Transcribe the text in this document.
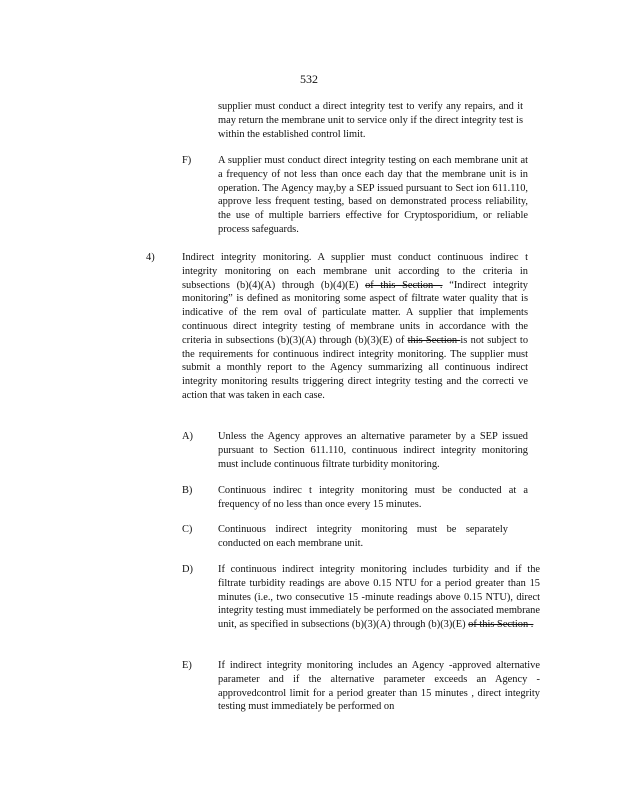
532

supplier must conduct a direct integrity test to verify any repairs, and it may return the membrane unit to service only if the direct integrity test is within the established control limit.

F)	A supplier must conduct direct integrity testing on each membrane unit at a frequency of not less than once each day that the membrane unit is in operation. The Agency may,by a SEP issued pursuant to Sect ion 611.110, approve less frequent testing, based on demonstrated process reliability, the use of multiple barriers effective for Cryptosporidium, or reliable process safeguards.

4)	Indirect integrity monitoring. A supplier must conduct continuous indirec t integrity monitoring on each membrane unit according to the criteria in subsections (b)(4)(A) through (b)(4)(E) of this Section . “Indirect integrity monitoring” is defined as monitoring some aspect of filtrate water quality that is indicative of the rem oval of particulate matter. A supplier that implements continuous direct integrity testing of membrane units in accordance with the criteria in subsections (b)(3)(A) through (b)(3)(E) of this Section is not subject to the requirements for continuous indirect integrity monitoring. The supplier must submit a monthly report to the Agency summarizing all continuous indirect integrity monitoring results triggering direct integrity testing and the correcti ve action that was taken in each case.

A) Unless the Agency approves an alternative parameter by a SEP issued pursuant to Section 611.110, continuous indirect integrity monitoring must include continuous filtrate turbidity monitoring.

B) Continuous indirec t integrity monitoring must be conducted at a frequency of no less than once every 15 minutes.

C) Continuous indirect integrity monitoring must be separately conducted on each membrane unit.

D) If continuous indirect integrity monitoring includes turbidity and if the filtrate turbidity readings are above 0.15 NTU for a period greater than 15 minutes (i.e., two consecutive 15 -minute readings above 0.15 NTU), direct integrity testing must immediately be performed on the associated membrane unit, as specified in subsections (b)(3)(A) through (b)(3)(E) of this Section .

E)	If indirect integrity monitoring includes an Agency -approved alternative parameter and if the alternative parameter exceeds an Agency -approvedcontrol limit for a period greater than 15 minutes , direct integrity testing must immediately be performed on
